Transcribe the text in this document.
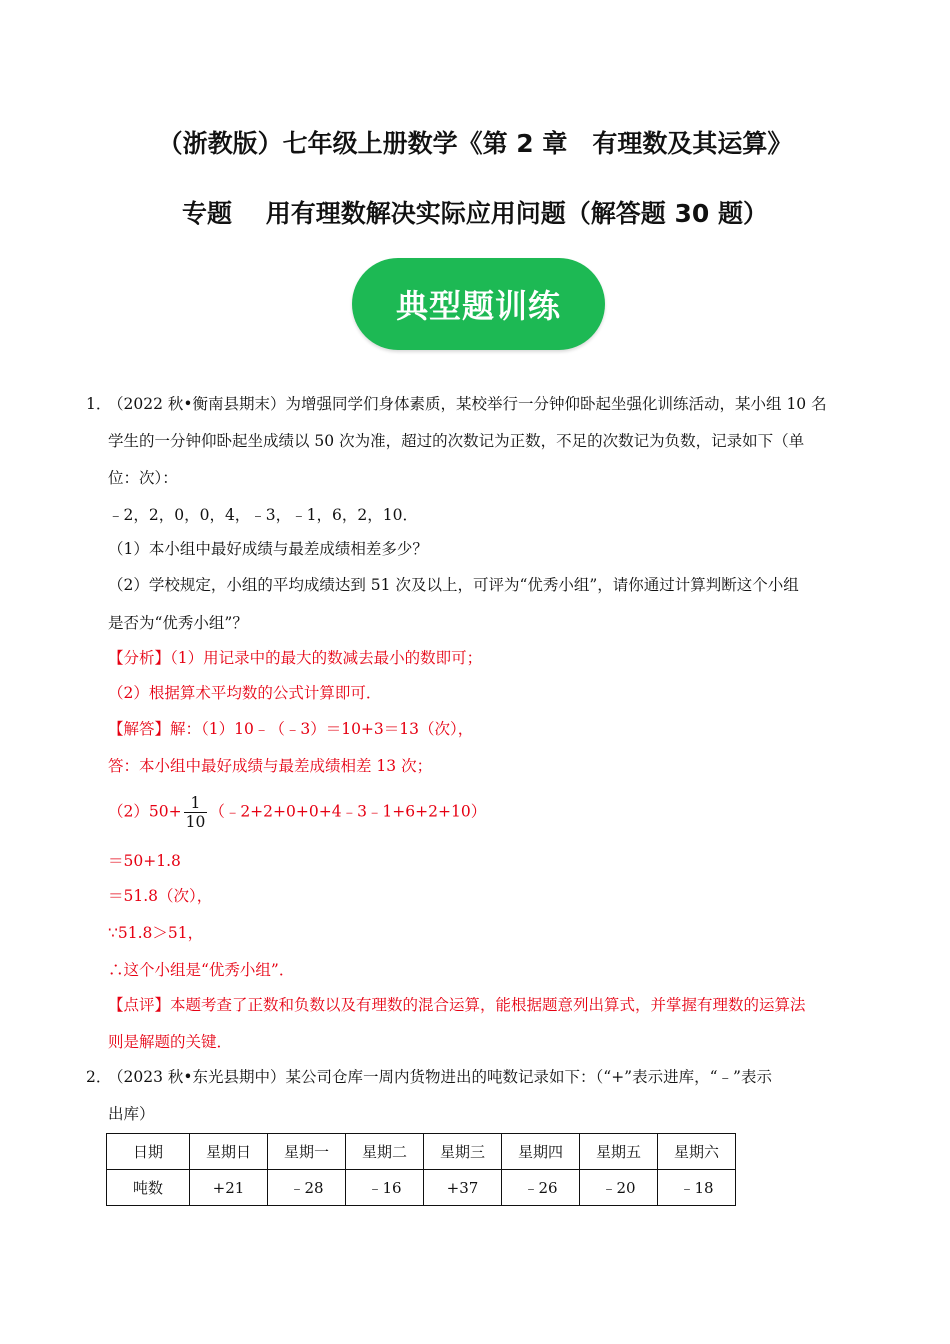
（浙教版）七年级上册数学《第 2 章　有理数及其运算》
专题　 用有理数解决实际应用问题（解答题 30 题）
典型题训练
1．
（2022 秋•衡南县期末）为增强同学们身体素质，某校举行一分钟仰卧起坐强化训练活动，某小组 10 名
学生的一分钟仰卧起坐成绩以 50 次为准，超过的次数记为正数，不足的次数记为负数，记录如下（单
位：次）：
﹣2，2，0，0，4，﹣3，﹣1，6，2，10．
（1）本小组中最好成绩与最差成绩相差多少？
（2）学校规定，小组的平均成绩达到 51 次及以上，可评为“优秀小组”，请你通过计算判断这个小组
是否为“优秀小组”？
【分析】（1）用记录中的最大的数减去最小的数即可；
（2）根据算术平均数的公式计算即可．
【解答】解：（1）10﹣（﹣3）＝10+3＝13（次），
答：本小组中最好成绩与最差成绩相差 13 次；
$(2)50+ \frac{1}{10}$ （﹣2+2+0+0+4﹣3﹣1+6+2+10）
＝50+1.8
＝51.8（次），
∵51.8＞51，
∴这个小组是“优秀小组”．
【点评】本题考查了正数和负数以及有理数的混合运算，能根据题意列出算式，并掌握有理数的运算法
则是解题的关键．
2．
（2023 秋•东光县期中）某公司仓库一周内货物进出的吨数记录如下：（“+”表示进库，“﹣”表示
出库）
日期	星期日	星期一	星期二	星期三	星期四	星期五	星期六
吨数	+21	﹣28	﹣16	+37	﹣26	﹣20	﹣18
